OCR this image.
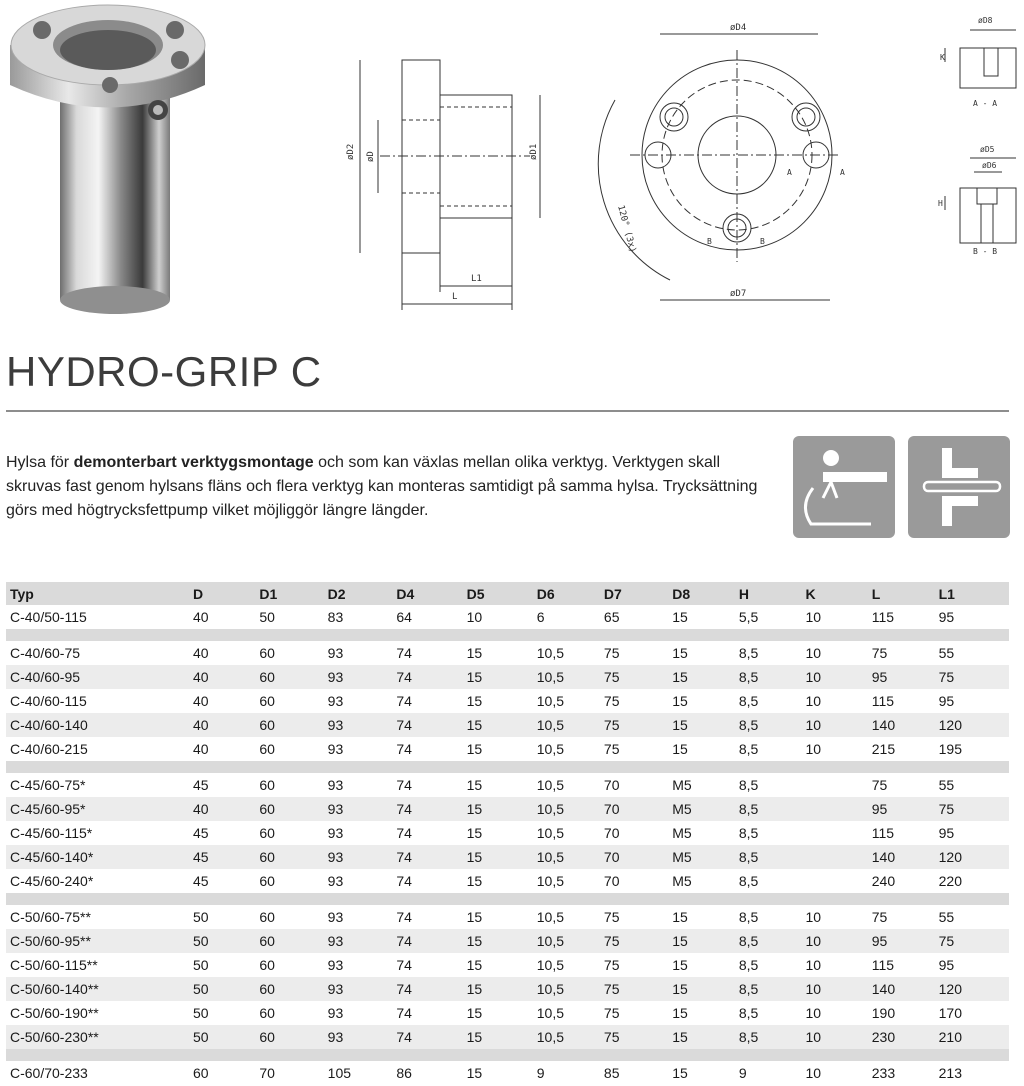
øD2 øD	øD1
L1
L
øD4
øD7
120° (3x)
A	A
B	B
øD8
K
A - A
øD5
øD6
H
B - B
HYDRO-GRIP C

Hylsa för demonterbart verktygsmontage och som kan växlas mellan olika verktyg. Verktygen skall skruvas fast genom hylsans fläns och flera verktyg kan monteras samtidigt på samma hylsa. Trycksättning görs med högtrycksfettpump vilket möjliggör längre längder.

Typ	D	D1	D2	D4	D5	D6	D7	D8	H	K	L	L1
C-40/50-115	40	50	83	64	10	6	65	15	5,5	10	115	95

C-40/60-75	40	60	93	74	15	10,5	75	15	8,5	10	75	55
C-40/60-95	40	60	93	74	15	10,5	75	15	8,5	10	95	75
C-40/60-115	40	60	93	74	15	10,5	75	15	8,5	10	115	95
C-40/60-140	40	60	93	74	15	10,5	75	15	8,5	10	140	120
C-40/60-215	40	60	93	74	15	10,5	75	15	8,5	10	215	195

C-45/60-75*	45	60	93	74	15	10,5	70	M5	8,5		75	55
C-45/60-95*	40	60	93	74	15	10,5	70	M5	8,5		95	75
C-45/60-115*	45	60	93	74	15	10,5	70	M5	8,5		115	95
C-45/60-140*	45	60	93	74	15	10,5	70	M5	8,5		140	120
C-45/60-240*	45	60	93	74	15	10,5	70	M5	8,5		240	220

C-50/60-75**	50	60	93	74	15	10,5	75	15	8,5	10	75	55
C-50/60-95**	50	60	93	74	15	10,5	75	15	8,5	10	95	75
C-50/60-115**	50	60	93	74	15	10,5	75	15	8,5	10	115	95
C-50/60-140**	50	60	93	74	15	10,5	75	15	8,5	10	140	120
C-50/60-190**	50	60	93	74	15	10,5	75	15	8,5	10	190	170
C-50/60-230**	50	60	93	74	15	10,5	75	15	8,5	10	230	210

C-60/70-233	60	70	105	86	15	9	85	15	9	10	233	213
